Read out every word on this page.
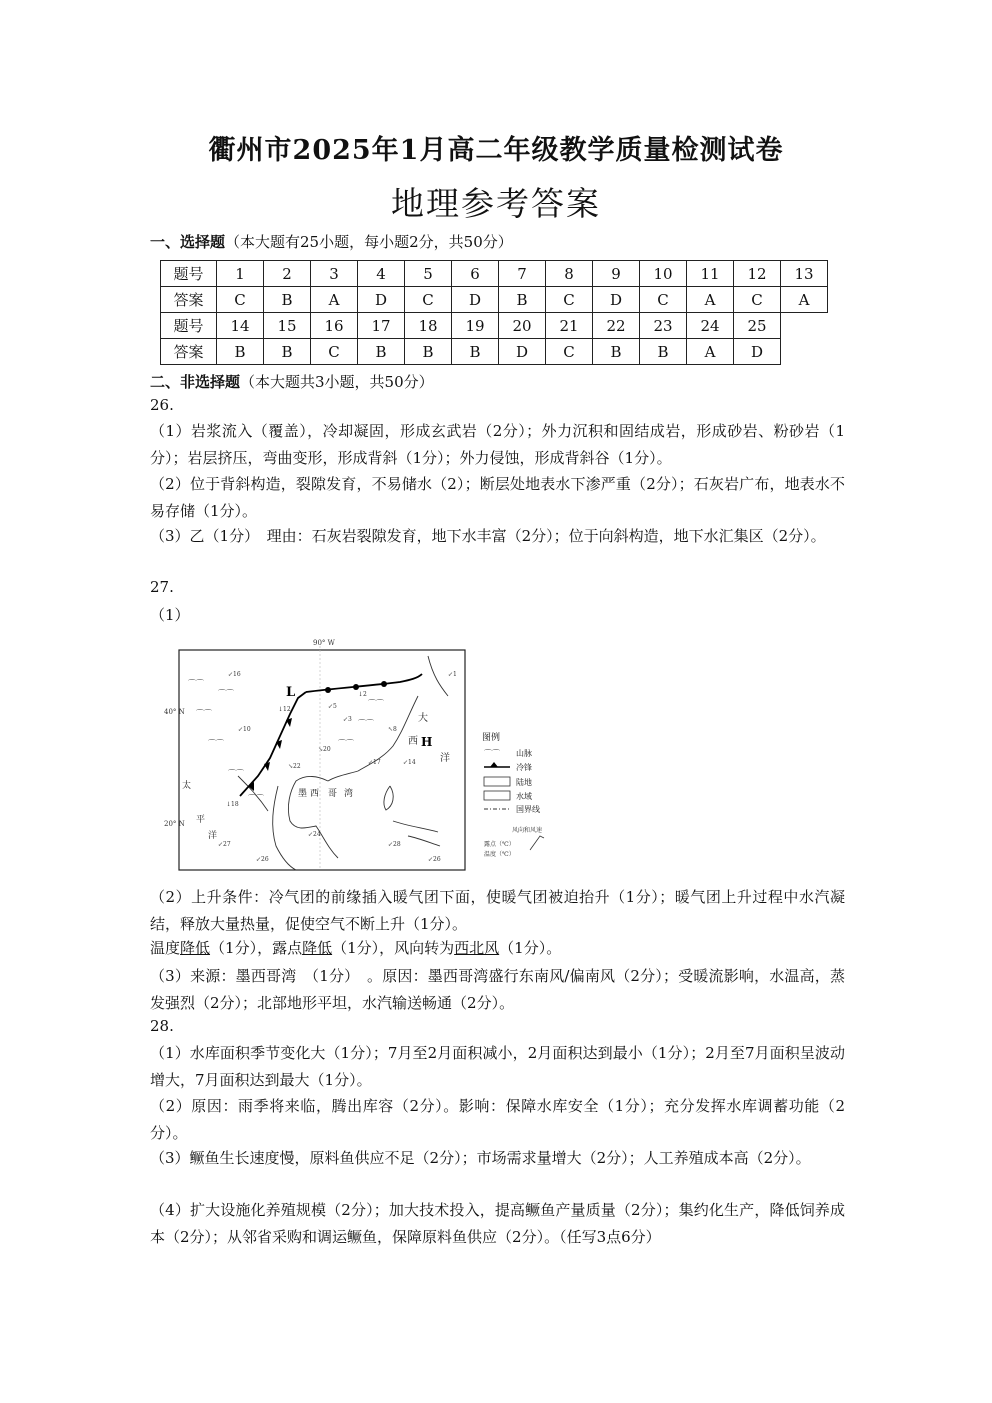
衢州市2025年1月高二年级教学质量检测试卷
地理参考答案
一、选择题（本大题有25小题，每小题2分，共50分）
题号	1	2	3	4	5	6	7	8	9	10	11	12	13
答案	C	B	A	D	C	D	B	C	D	C	A	C	A
题号	14	15	16	17	18	19	20	21	22	23	24	25	
答案	B	B	C	B	B	B	D	C	B	B	A	D	
二、非选择题（本大题共3小题，共50分）
26.
（1）岩浆流入（覆盖），冷却凝固，形成玄武岩（2分）；外力沉积和固结成岩，形成砂岩、粉砂岩（1分）；岩层挤压，弯曲变形，形成背斜（1分）；外力侵蚀，形成背斜谷（1分）。
（2）位于背斜构造，裂隙发育，不易储水（2）；断层处地表水下渗严重（2分）；石灰岩广布，地表水不易存储（1分）。
（3）乙（1分）　理由：石灰岩裂隙发育，地下水丰富（2分）；位于向斜构造，地下水汇集区（2分）。
27.
（1）
90° W
40° N
20° N
⌒⌒
⌒⌒
⌒⌒
⌒⌒
⌒⌒
⌒⌒
⌒⌒
⌒⌒
⌒⌒	L
H
大
西
洋
墨 西 哥 湾
太
平
洋
↙16
↓12	↙5
↙3
↖8
↙14
↙17
↘20
↘22
↓18
↙27
↙26
↙24
↙28
↙26
↙10
↓2
↙1
图例
⌒⌒ 山脉
冷锋
陆地
水域
国界线
风向和风速
露点（℃）
温度（℃）
（2）上升条件：冷气团的前缘插入暖气团下面，使暖气团被迫抬升（1分）；暖气团上升过程中水汽凝结，释放大量热量，促使空气不断上升（1分）。
温度降低（1分），露点降低（1分），风向转为西北风（1分）。
（3）来源：墨西哥湾　（1分）　。原因：墨西哥湾盛行东南风/偏南风（2分）；受暖流影响，水温高，蒸发强烈（2分）；北部地形平坦，水汽输送畅通（2分）。
28.
（1）水库面积季节变化大（1分）；7月至2月面积减小，2月面积达到最小（1分）；2月至7月面积呈波动增大，7月面积达到最大（1分）。
（2）原因：雨季将来临，腾出库容（2分）。影响：保障水库安全（1分）；充分发挥水库调蓄功能（2分）。
（3）鳜鱼生长速度慢，原料鱼供应不足（2分）；市场需求量增大（2分）；人工养殖成本高（2分）。
（4）扩大设施化养殖规模（2分）；加大技术投入，提高鳜鱼产量质量（2分）；集约化生产，降低饲养成本（2分）；从邻省采购和调运鳜鱼，保障原料鱼供应（2分）。（任写3点6分）
